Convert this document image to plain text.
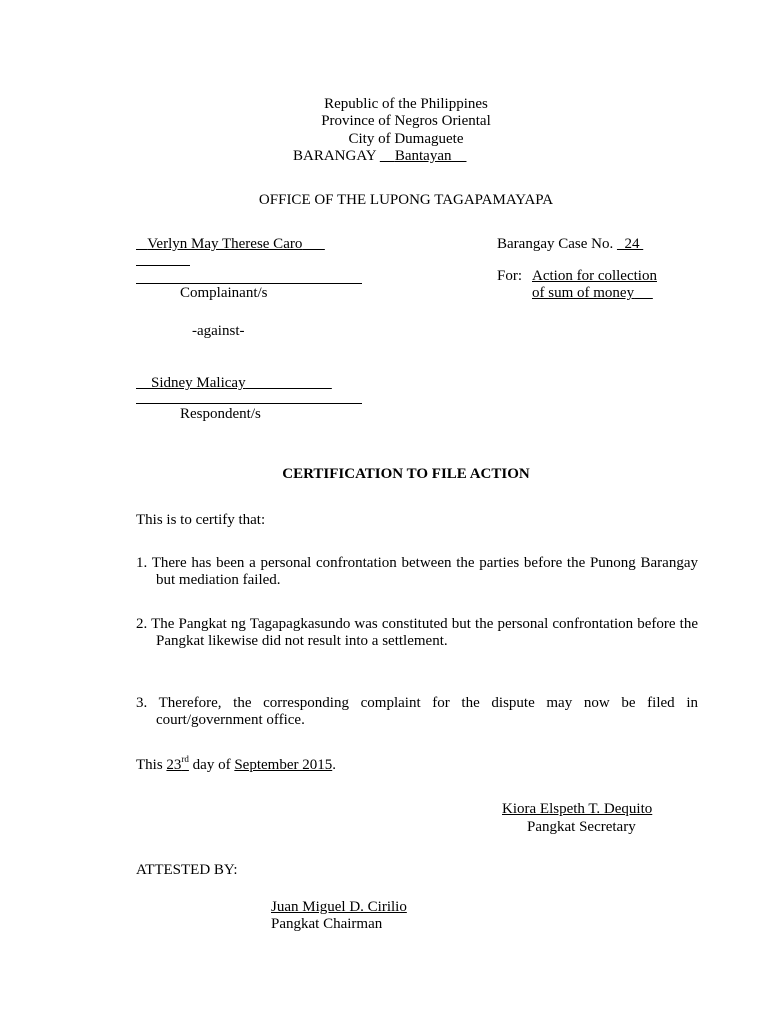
Republic of the Philippines
Province of Negros Oriental
City of Dumaguete
BARANGAY Bantayan
OFFICE OF THE LUPONG TAGAPAMAYAPA
Verlyn May Therese Caro
Complainant/s
Barangay Case No. 24
For: Action for collection
of sum of money
-against-
Sidney Malicay
Respondent/s
CERTIFICATION TO FILE ACTION
This is to certify that:
1. There has been a personal confrontation between the parties before the Punong Barangay but mediation failed.
2. The Pangkat ng Tagapagkasundo was constituted but the personal confrontation before the Pangkat likewise did not result into a settlement.
3. Therefore, the corresponding complaint for the dispute may now be filed in court/government office.
This 23rd day of September 2015.
Kiora Elspeth T. Dequito
Pangkat Secretary
ATTESTED BY:
Juan Miguel D. Cirilio
Pangkat Chairman
